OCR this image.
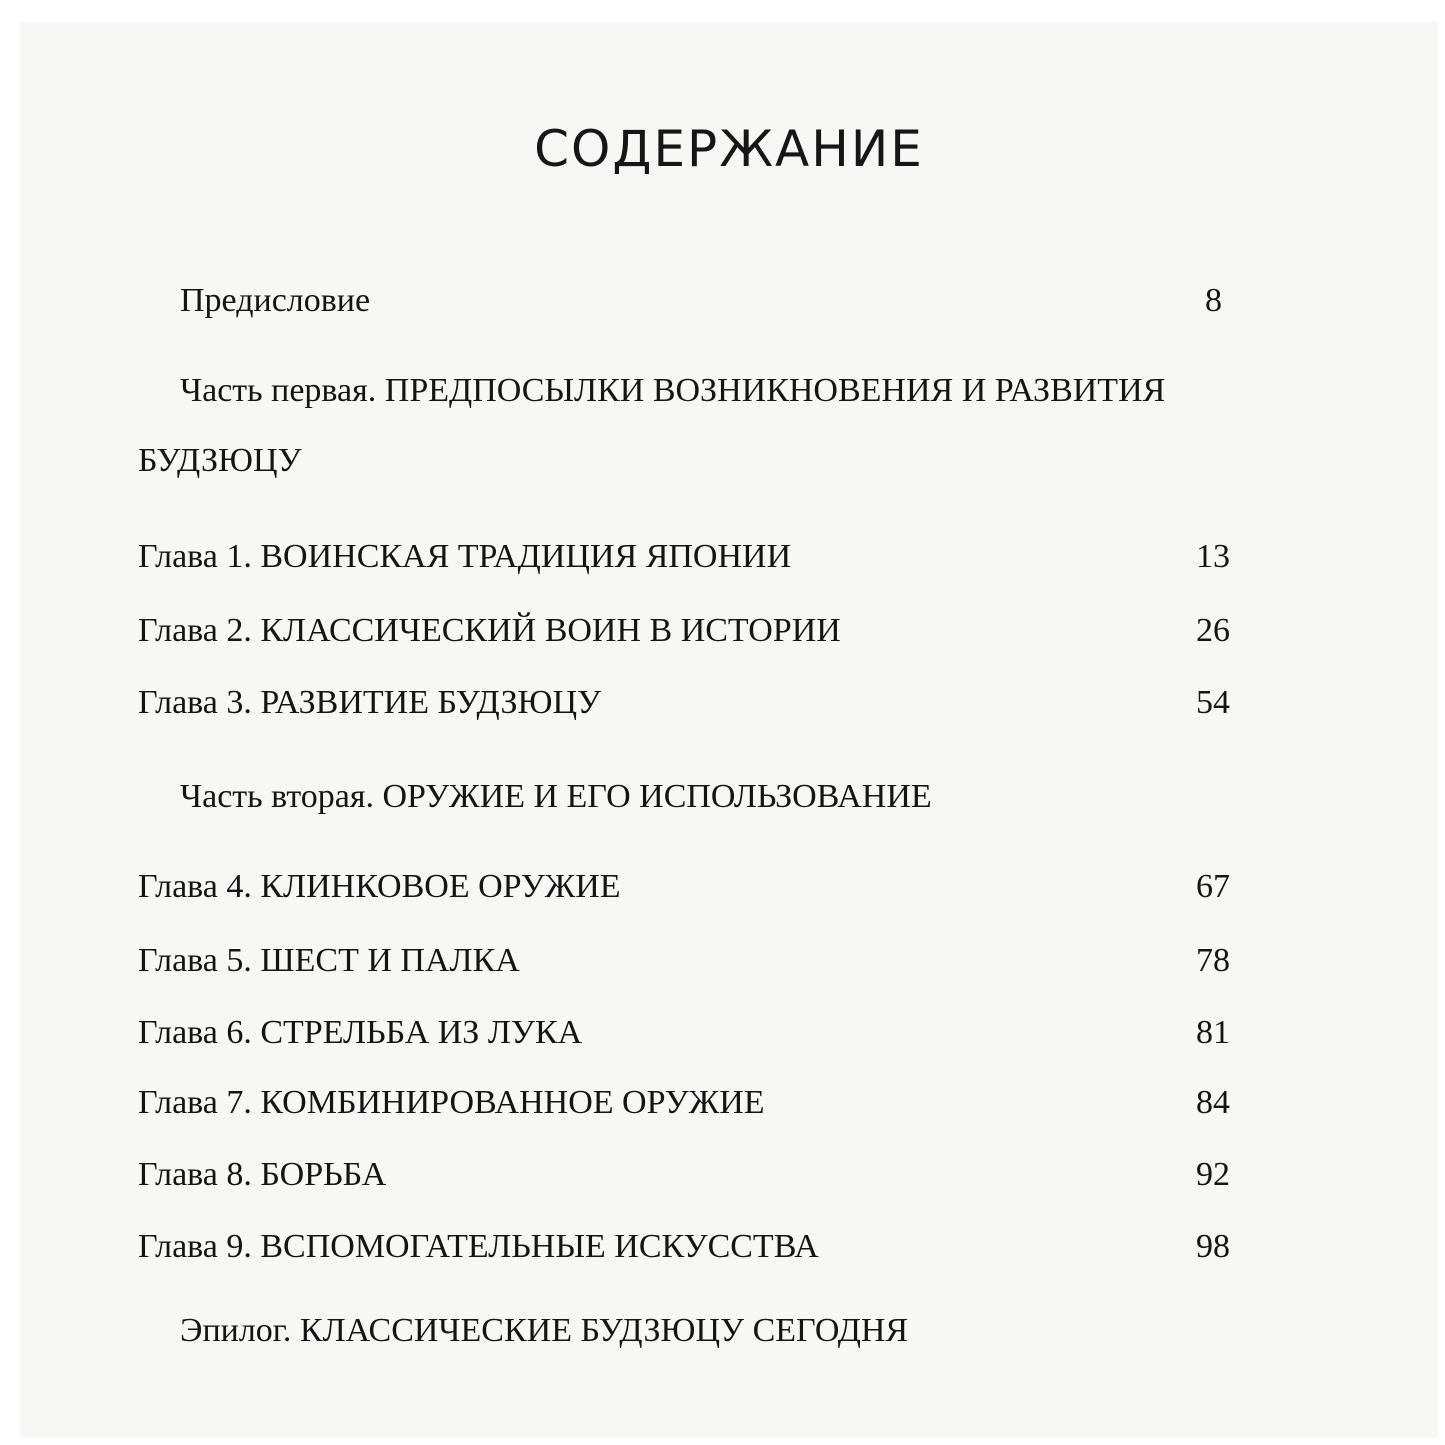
СОДЕРЖАНИЕ
Предисловие	8
Часть первая. ПРЕДПОСЫЛКИ ВОЗНИКНОВЕНИЯ И РАЗВИТИЯ
БУДЗЮЦУ
Глава 1. ВОИНСКАЯ ТРАДИЦИЯ ЯПОНИИ	13
Глава 2. КЛАССИЧЕСКИЙ ВОИН В ИСТОРИИ	26
Глава 3. РАЗВИТИЕ БУДЗЮЦУ	54
Часть вторая. ОРУЖИЕ И ЕГО ИСПОЛЬЗОВАНИЕ
Глава 4. КЛИНКОВОЕ ОРУЖИЕ	67
Глава 5. ШЕСТ И ПАЛКА	78
Глава 6. СТРЕЛЬБА ИЗ ЛУКА	81
Глава 7. КОМБИНИРОВАННОЕ ОРУЖИЕ	84
Глава 8. БОРЬБА	92
Глава 9. ВСПОМОГАТЕЛЬНЫЕ ИСКУССТВА	98
Эпилог. КЛАССИЧЕСКИЕ БУДЗЮЦУ СЕГОДНЯ
